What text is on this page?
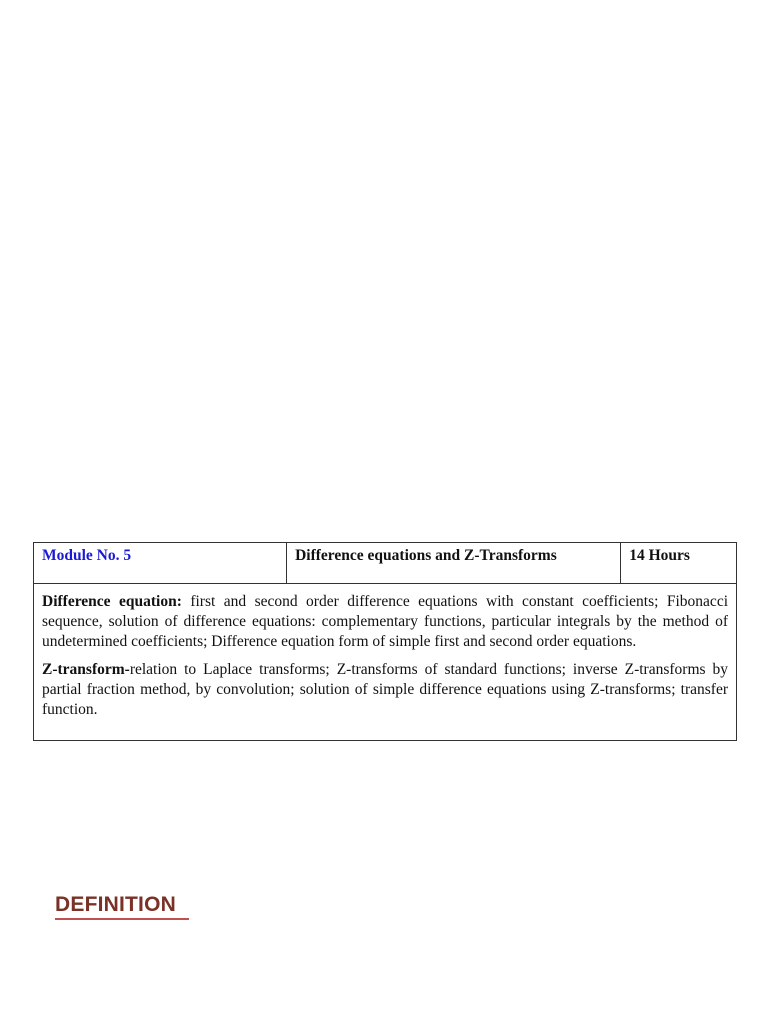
Module No. 5	Difference equations and Z-Transforms	14 Hours

Difference equation: first and second order difference equations with constant coefficients; Fibonacci sequence, solution of difference equations: complementary functions, particular integrals by the method of undetermined coefficients; Difference equation form of simple first and second order equations.

Z-transform-relation to Laplace transforms; Z-transforms of standard functions; inverse Z-transforms by partial fraction method, by convolution; solution of simple difference equations using Z-transforms; transfer function.

DEFINITION
